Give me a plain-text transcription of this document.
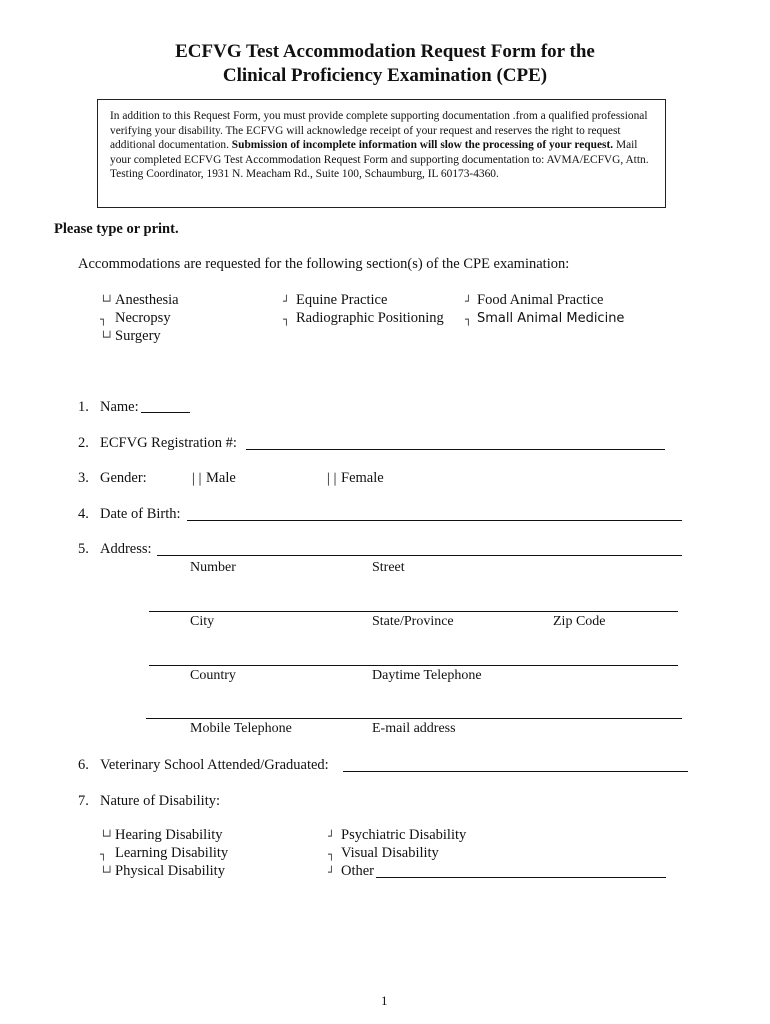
ECFVG Test Accommodation Request Form for the
Clinical Proficiency Examination (CPE)

In addition to this Request Form, you must provide complete supporting documentation .from a qualified professional verifying your disability. The ECFVG will acknowledge receipt of your request and reserves the right to request additional documentation. Submission of incomplete information will slow the processing of your request. Mail your completed ECFVG Test Accommodation Request Form and supporting documentation to: AVMA/ECFVG, Attn. Testing Coordinator, 1931 N. Meacham Rd., Suite 100, Schaumburg, IL 60173-4360.

Please type or print.
Accommodations are requested for the following section(s) of the CPE examination:
└┘ Anesthesia
┐ Necropsy
└┘ Surgery
┘ Equine Practice
┐ Radiographic Positioning
┘ Food Animal Practice
┐ Small Animal Medicine
1. Name:
2. ECFVG Registration #:
3. Gender:	││ Male	││ Female
4. Date of Birth:
5. Address:
Number	Street
City	State/Province	Zip Code
Country	Daytime Telephone
Mobile Telephone	E-mail address
6. Veterinary School Attended/Graduated:
7. Nature of Disability:
└┘ Hearing Disability
┐ Learning Disability
└┘ Physical Disability
┘ Psychiatric Disability
┐ Visual Disability
┘ Other
1
